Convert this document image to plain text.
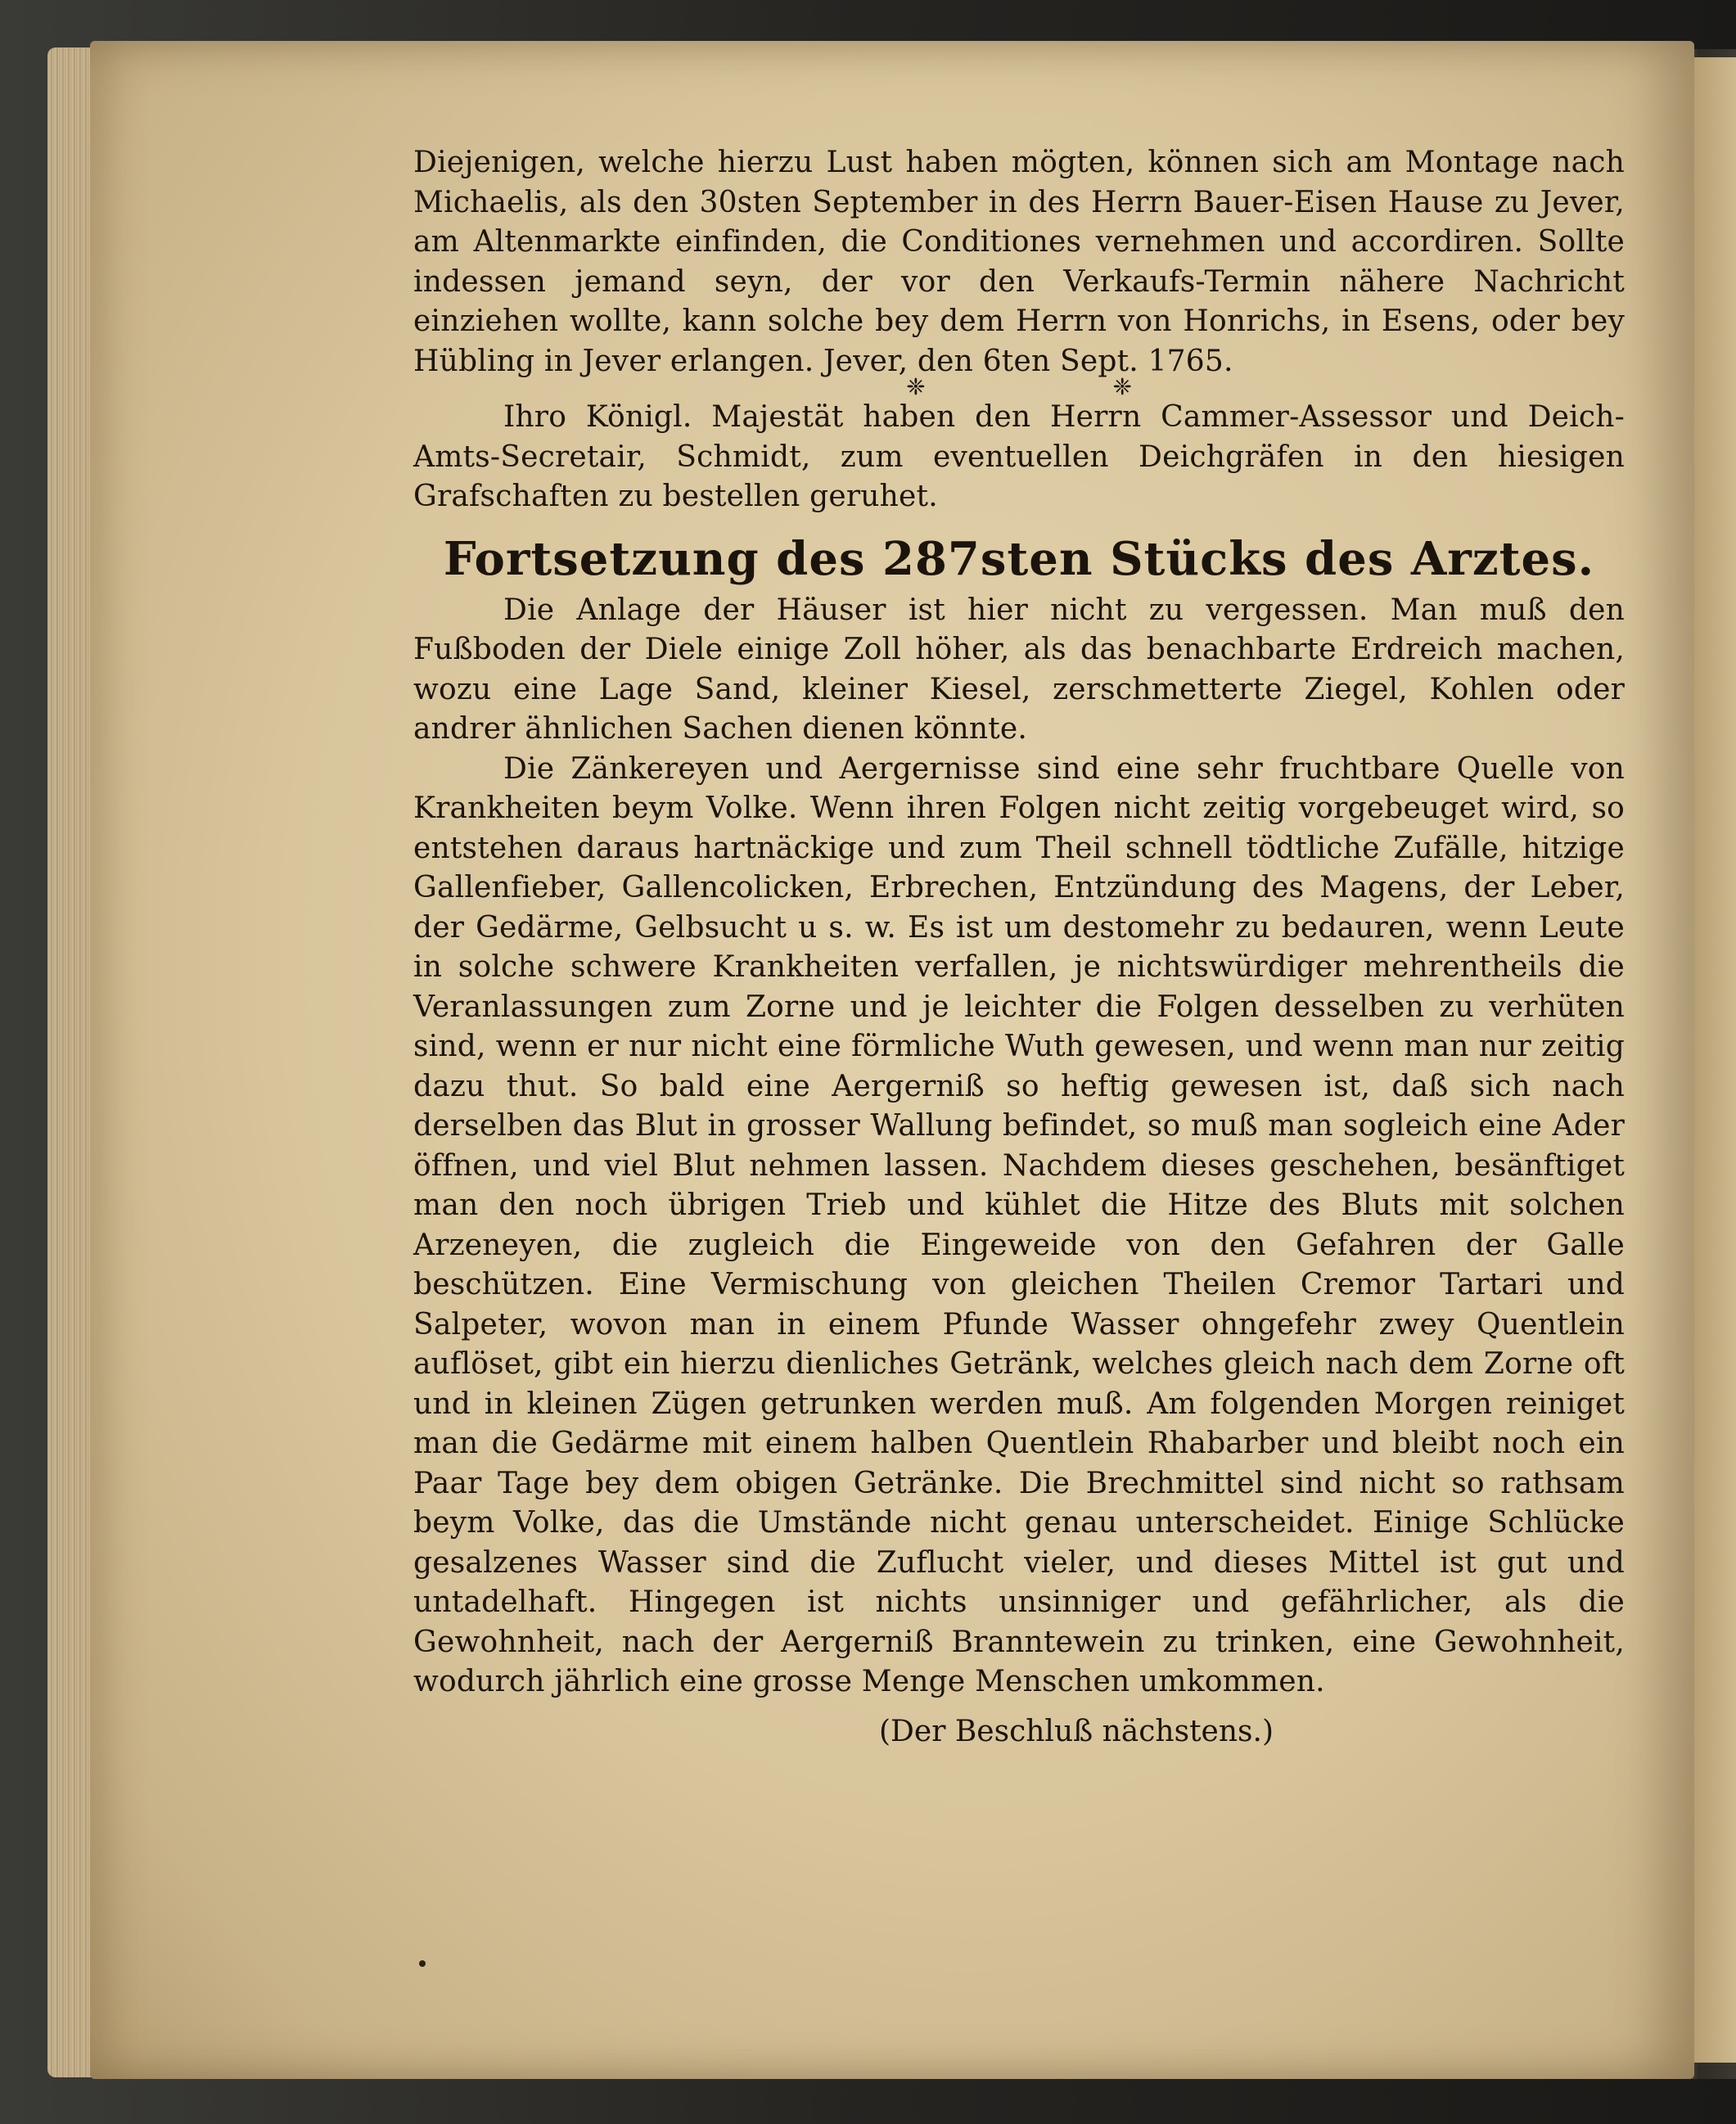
Diejenigen, welche hierzu Lust haben mögten, können sich am Montage nach Michaelis, als den 30sten September in des Herrn Bauer-Eisen Hause zu Jever, am Altenmarkte einfinden, die Conditiones vernehmen und accordiren. Sollte indessen jemand seyn, der vor den Verkaufs-Termin nähere Nachricht einziehen wollte, kann solche bey dem Herrn von Honrichs, in Esens, oder bey Hübling in Jever erlangen. Jever, den 6ten Sept. 1765.

❈ ❈

Ihro Königl. Majestät haben den Herrn Cammer-Assessor und Deich-Amts-Secretair, Schmidt, zum eventuellen Deichgräfen in den hiesigen Grafschaften zu bestellen geruhet.

Fortsetzung des 287sten Stücks des Arztes.

Die Anlage der Häuser ist hier nicht zu vergessen. Man muß den Fußboden der Diele einige Zoll höher, als das benachbarte Erdreich machen, wozu eine Lage Sand, kleiner Kiesel, zerschmetterte Ziegel, Kohlen oder andrer ähnlichen Sachen dienen könnte.

Die Zänkereyen und Aergernisse sind eine sehr fruchtbare Quelle von Krankheiten beym Volke. Wenn ihren Folgen nicht zeitig vorgebeuget wird, so entstehen daraus hartnäckige und zum Theil schnell tödtliche Zufälle, hitzige Gallenfieber, Gallencolicken, Erbrechen, Entzündung des Magens, der Leber, der Gedärme, Gelbsucht u s. w. Es ist um destomehr zu bedauren, wenn Leute in solche schwere Krankheiten verfallen, je nichtswürdiger mehrentheils die Veranlassungen zum Zorne und je leichter die Folgen desselben zu verhüten sind, wenn er nur nicht eine förmliche Wuth gewesen, und wenn man nur zeitig dazu thut. So bald eine Aergerniß so heftig gewesen ist, daß sich nach derselben das Blut in grosser Wallung befindet, so muß man sogleich eine Ader öffnen, und viel Blut nehmen lassen. Nachdem dieses geschehen, besänftiget man den noch übrigen Trieb und kühlet die Hitze des Bluts mit solchen Arzeneyen, die zugleich die Eingeweide von den Gefahren der Galle beschützen. Eine Vermischung von gleichen Theilen Cremor Tartari und Salpeter, wovon man in einem Pfunde Wasser ohngefehr zwey Quentlein auflöset, gibt ein hierzu dienliches Getränk, welches gleich nach dem Zorne oft und in kleinen Zügen getrunken werden muß. Am folgenden Morgen reiniget man die Gedärme mit einem halben Quentlein Rhabarber und bleibt noch ein Paar Tage bey dem obigen Getränke. Die Brechmittel sind nicht so rathsam beym Volke, das die Umstände nicht genau unterscheidet. Einige Schlücke gesalzenes Wasser sind die Zuflucht vieler, und dieses Mittel ist gut und untadelhaft. Hingegen ist nichts unsinniger und gefährlicher, als die Gewohnheit, nach der Aergerniß Branntewein zu trinken, eine Gewohnheit, wodurch jährlich eine grosse Menge Menschen umkommen.

(Der Beschluß nächstens.)
